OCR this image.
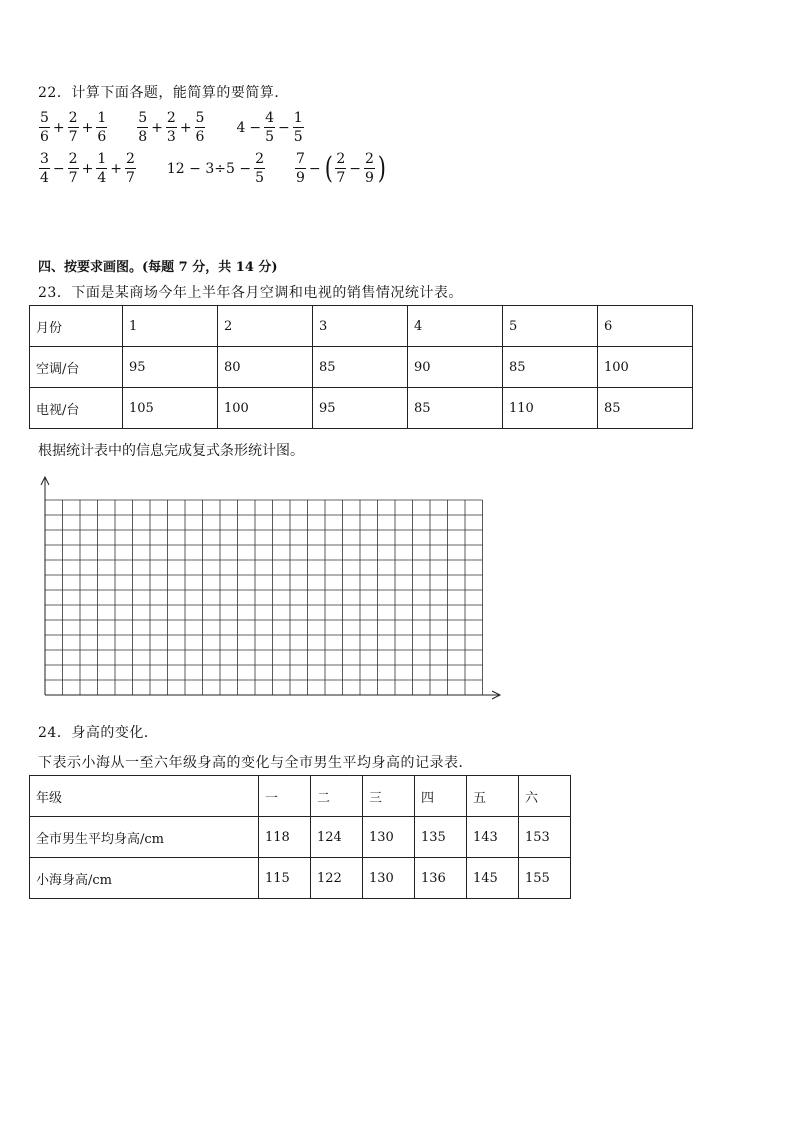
22．计算下面各题，能简算的要简算．
$\frac{5}{6} + \frac{2}{7} + \frac{1}{6} \frac{5}{8} + \frac{2}{3} + \frac{5}{6} 4 - \frac{4}{5} - \frac{1}{5}$
$\frac{3}{4} - \frac{2}{7} + \frac{1}{4} + \frac{2}{7} 12 - 3\div 5 - \frac{2}{5} \frac{7}{9}$ − ( $\frac{2}{7} - \frac{2}{9}$ )
四、按要求画图。(每题 7 分，共 14 分)
23．下面是某商场今年上半年各月空调和电视的销售情况统计表。
月份	1	2	3	4	5	6
空调/台	95	80	85	90	85	100
电视/台	105	100	95	85	110	85
根据统计表中的信息完成复式条形统计图。
24．身高的变化．
下表示小海从一至六年级身高的变化与全市男生平均身高的记录表．
年级	一	二	三	四	五	六
全市男生平均身高/cm	118	124	130	135	143	153
小海身高/cm	115	122	130	136	145	155
